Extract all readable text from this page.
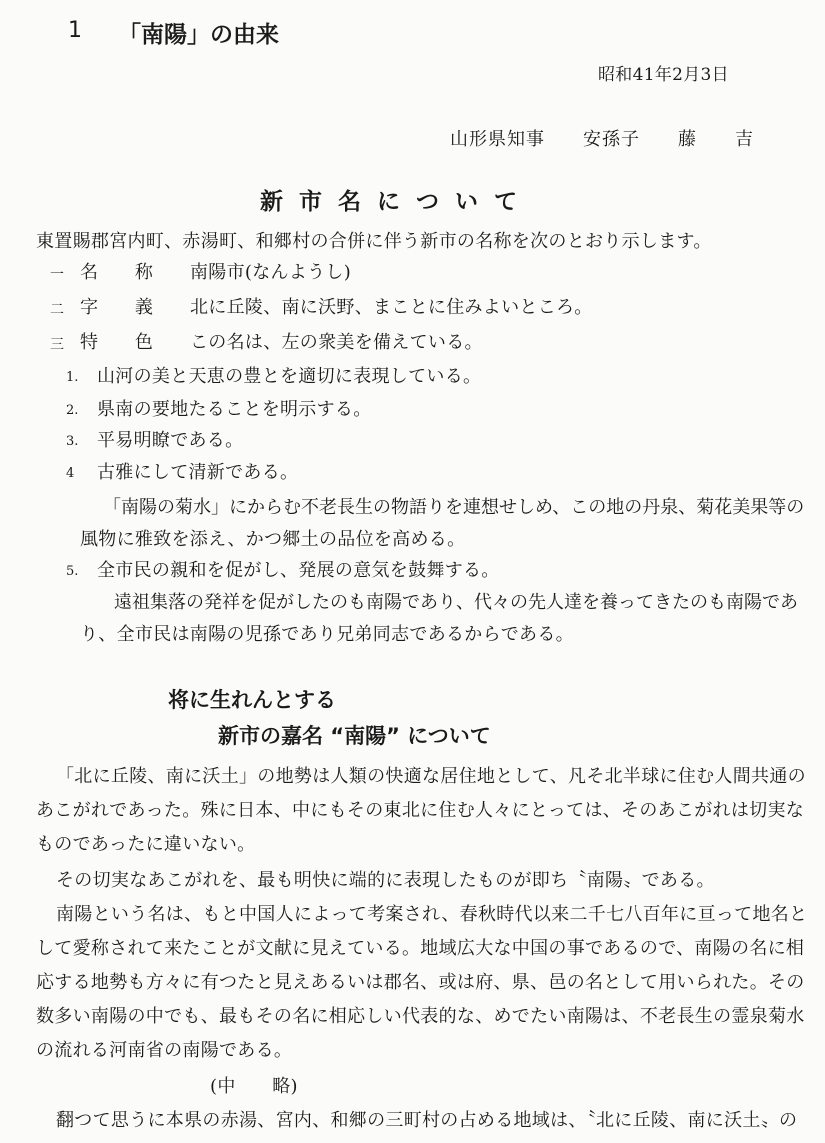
1 「南陽」の由来
昭和41年2月3日
山形県知事　　安孫子　　藤　　吉
新 市 名 に つ い て
東置賜郡宮内町、赤湯町、和郷村の合併に伴う新市の名称を次のとおり示します。
一 名　　称 南陽市(なんようし)
二 字　　義 北に丘陵、南に沃野、まことに住みよいところ。
三 特　　色 この名は、左の衆美を備えている。
1. 山河の美と天恵の豊とを適切に表現している。
2. 県南の要地たることを明示する。
3. 平易明瞭である。
4 古雅にして清新である。
「南陽の菊水」にからむ不老長生の物語りを連想せしめ、この地の丹泉、菊花美果等の
風物に雅致を添え、かつ郷土の品位を高める。
5. 全市民の親和を促がし、発展の意気を鼓舞する。
遠祖集落の発祥を促がしたのも南陽であり、代々の先人達を養ってきたのも南陽であ
り、全市民は南陽の児孫であり兄弟同志であるからである。
将に生れんとする
新市の嘉名 “南陽” について
「北に丘陵、南に沃土」の地勢は人類の快適な居住地として、凡そ北半球に住む人間共通の
あこがれであった。殊に日本、中にもその東北に住む人々にとっては、そのあこがれは切実な
ものであったに違いない。
その切実なあこがれを、最も明快に端的に表現したものが即ち〝南陽〟である。
南陽という名は、もと中国人によって考案され、春秋時代以来二千七八百年に亘って地名と
して愛称されて来たことが文献に見えている。地域広大な中国の事であるので、南陽の名に相
応する地勢も方々に有つたと見えあるいは郡名、或は府、県、邑の名として用いられた。その
数多い南陽の中でも、最もその名に相応しい代表的な、めでたい南陽は、不老長生の霊泉菊水
の流れる河南省の南陽である。
(中　　略)
翻つて思うに本県の赤湯、宮内、和郷の三町村の占める地域は、〝北に丘陵、南に沃土〟の
